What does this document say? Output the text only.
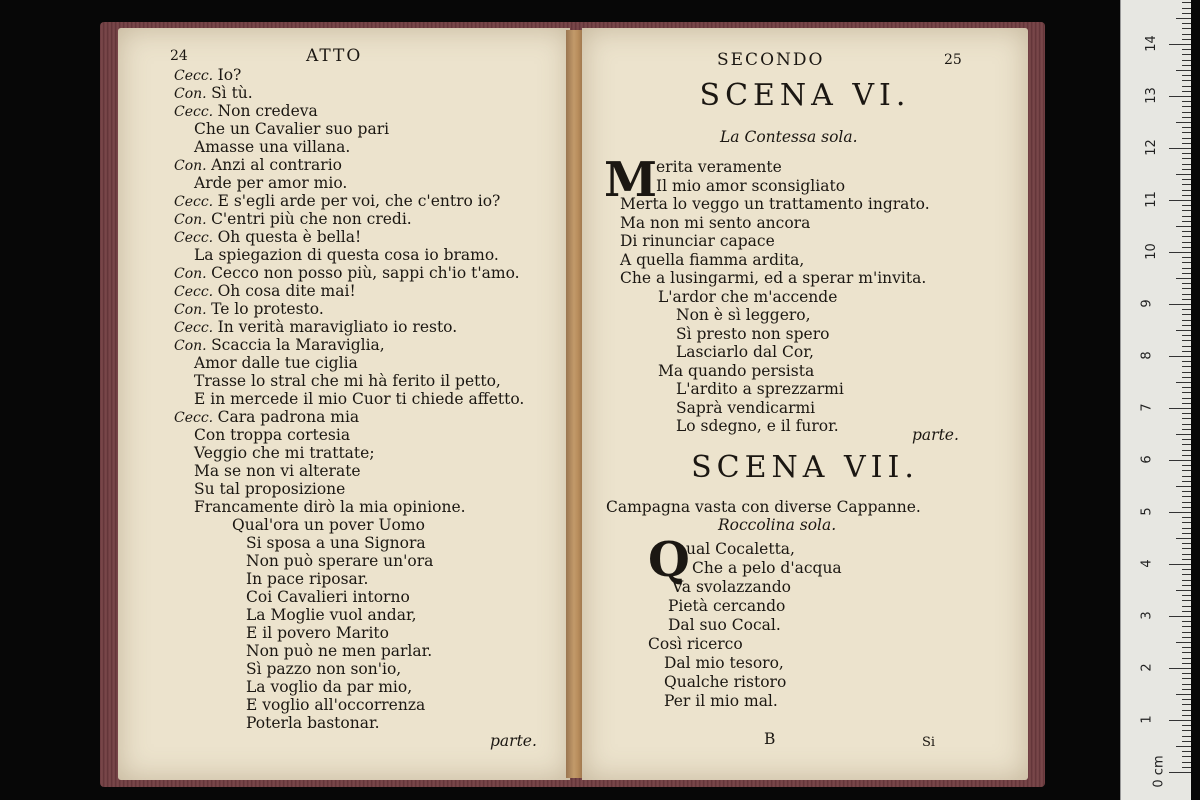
24	ATTO
Cecc. Io?
Con. Sì tù.
Cecc. Non credeva
Che un Cavalier suo pari
Amasse una villana.
Con. Anzi al contrario
Arde per amor mio.
Cecc. E s'egli arde per voi, che c'entro io?
Con. C'entri più che non credi.
Cecc. Oh questa è bella!
La spiegazion di questa cosa io bramo.
Con. Cecco non posso più, sappi ch'io t'amo.
Cecc. Oh cosa dite mai!
Con. Te lo protesto.
Cecc. In verità maravigliato io resto.
Con. Scaccia la Maraviglia,
Amor dalle tue ciglia
Trasse lo stral che mi hà ferito il petto,
E in mercede il mio Cuor ti chiede affetto.
Cecc. Cara padrona mia
Con troppa cortesia
Veggio che mi trattate;
Ma se non vi alterate
Su tal proposizione
Francamente dirò la mia opinione.
Qual'ora un pover Uomo
Si sposa a una Signora
Non può sperare un'ora
In pace riposar.
Coi Cavalieri intorno
La Moglie vuol andar,
E il povero Marito
Non può ne men parlar.
Sì pazzo non son'io,
La voglio da par mio,
E voglio all'occorrenza
Poterla bastonar.
parte.
SECONDO	25
SCENA VI.
La Contessa sola.
M
erita veramente
Il mio amor sconsigliato
Merta lo veggo un trattamento ingrato.
Ma non mi sento ancora
Di rinunciar capace
A quella fiamma ardita,
Che a lusingarmi, ed a sperar m'invita.
L'ardor che m'accende
Non è sì leggero,
Sì presto non spero
Lasciarlo dal Cor,
Ma quando persista
L'ardito a sprezzarmi
Saprà vendicarmi
Lo sdegno, e il furor.	parte.
SCENA VII.
Campagna vasta con diverse Cappanne.
Roccolina sola.
Q
ual Cocaletta,
Che a pelo d'acqua
Va svolazzando
Pietà cercando
Dal suo Cocal.
Così ricerco
Dal mio tesoro,
Qualche ristoro
Per il mio mal.
B	Si
0 cm
1
2
3
4
5
6
7
8
9
10
11
12
13
14
